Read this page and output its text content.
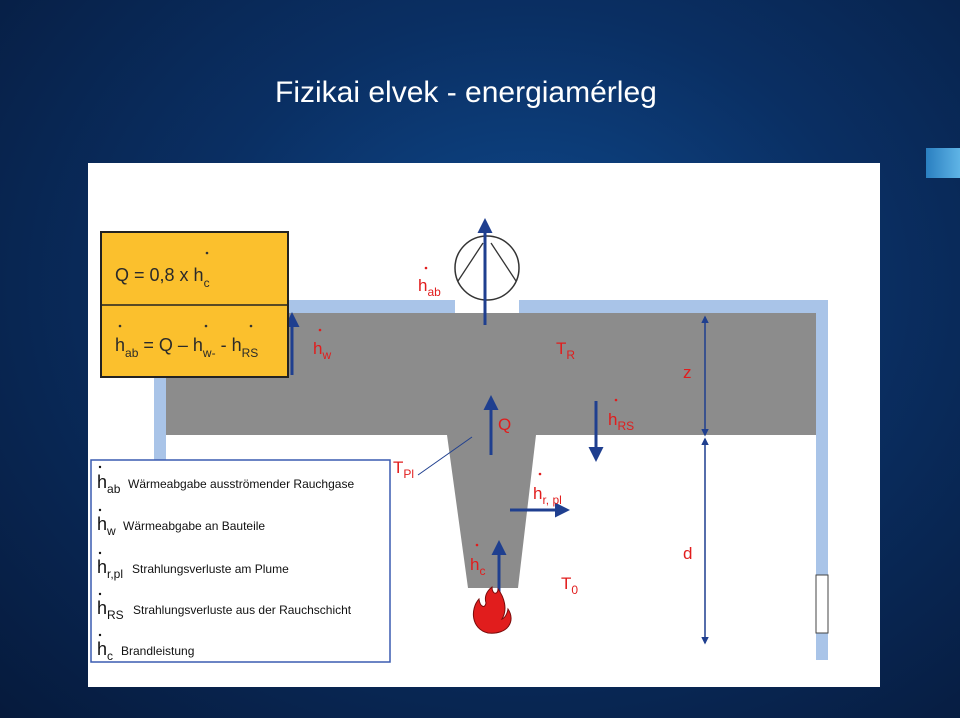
Fizikai elvek - energiamérleg
Q = 0,8 x $h_c$
$h_{ab} = Q - h_{w-} - h_{RS}$
$h_{ab}$
$h_w$	$T_R$
z
$h_{RS}$
Q
$T_{Pl}$
$h_{r, pl}$
d
$h_c$
$T_0$
$h_{ab}$ Wärmeabgabe ausströmender Rauchgase
$h_w$ Wärmeabgabe an Bauteile
$h_{r,pl}$ Strahlungsverluste am Plume
$h_{RS}$ Strahlungsverluste aus der Rauchschicht
$h_c$ Brandleistung
